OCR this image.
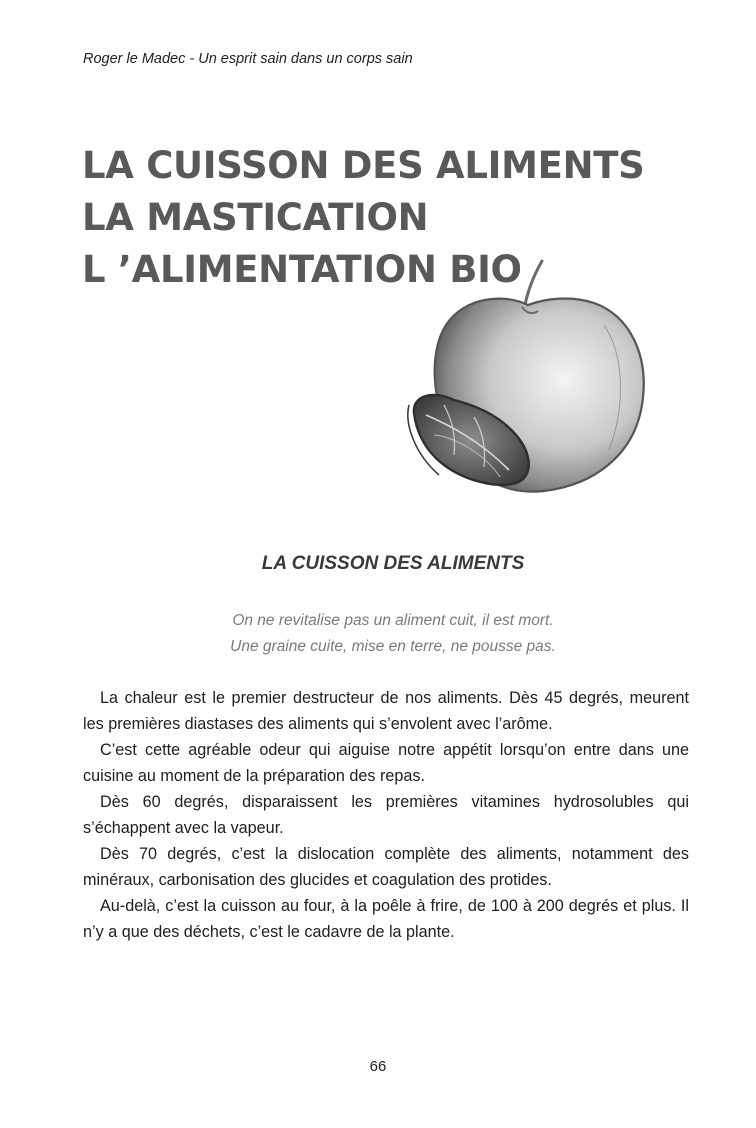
Roger le Madec - Un esprit sain dans un corps sain
LA CUISSON DES ALIMENTS
LA MASTICATION
L ’ALIMENTATION BIO
LA CUISSON DES ALIMENTS
On ne revitalise pas un aliment cuit, il est mort.
Une graine cuite, mise en terre, ne pousse pas.

La chaleur est le premier destructeur de nos aliments. Dès 45 degrés, meurent les premières diastases des aliments qui s’envolent avec l’arôme.

C’est cette agréable odeur qui aiguise notre appétit lorsqu’on entre dans une cuisine au moment de la préparation des repas.

Dès 60 degrés, disparaissent les premières vitamines hydrosolubles qui s’échappent avec la vapeur.

Dès 70 degrés, c’est la dislocation complète des aliments, notamment des minéraux, carbonisation des glucides et coagulation des protides.

Au-delà, c’est la cuisson au four, à la poêle à frire, de 100 à 200 degrés et plus. Il n’y a que des déchets, c’est le cadavre de la plante.

66
